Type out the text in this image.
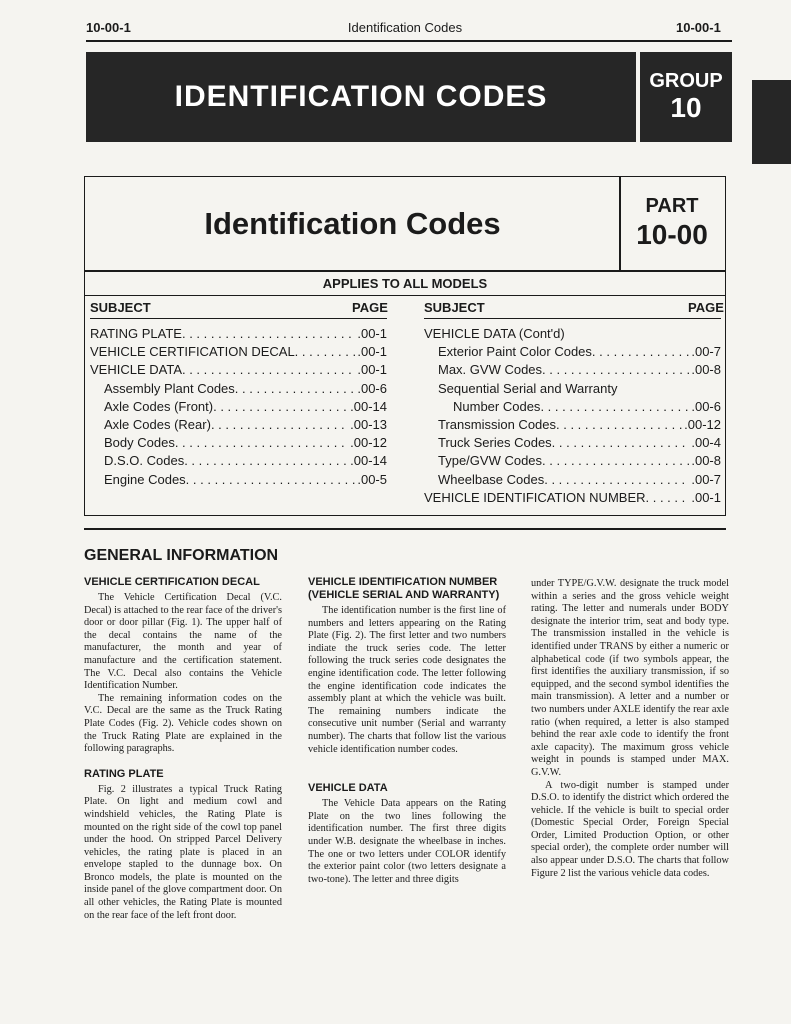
10-00-1	Identification Codes	10-00-1
IDENTIFICATION CODES	GROUP
10
Identification Codes	PART
10-00
APPLIES TO ALL MODELS
SUBJECT	PAGE	SUBJECT	PAGE
RATING PLATE . . .	.00-1
VEHICLE CERTIFICATION DECAL . . .	.00-1
VEHICLE DATA . . .	.00-1
Assembly Plant Codes . . .	.00-6
Axle Codes (Front) . . .	.00-14
Axle Codes (Rear) . . .	.00-13
Body Codes . . .	.00-12
D.S.O. Codes . . .	.00-14
Engine Codes . . .	.00-5
VEHICLE DATA (Cont'd)
Exterior Paint Color Codes . . .	.00-7
Max. GVW Codes . . .	.00-8
Sequential Serial and Warranty
Number Codes . . .	.00-6
Transmission Codes . . .	.00-12
Truck Series Codes . . .	.00-4
Type/GVW Codes . . .	.00-8
Wheelbase Codes . . .	.00-7
VEHICLE IDENTIFICATION NUMBER . . .	.00-1
GENERAL INFORMATION
VEHICLE CERTIFICATION DECAL

The Vehicle Certification Decal (V.C. Decal) is attached to the rear face of the driver's door or door pillar (Fig. 1). The upper half of the decal contains the name of the manufacturer, the month and year of manufacture and the certification statement. The V.C. Decal also contains the Vehicle Identification Number.

The remaining information codes on the V.C. Decal are the same as the Truck Rating Plate Codes (Fig. 2). Vehicle codes shown on the Truck Rating Plate are explained in the following paragraphs.

RATING PLATE

Fig. 2 illustrates a typical Truck Rating Plate. On light and medium cowl and windshield vehicles, the Rating Plate is mounted on the right side of the cowl top panel under the hood. On stripped Parcel Delivery vehicles, the rating plate is placed in an envelope stapled to the dunnage box. On Bronco models, the plate is mounted on the inside panel of the glove compartment door. On all other vehicles, the Rating Plate is mounted on the rear face of the left front door.

VEHICLE IDENTIFICATION NUMBER (VEHICLE SERIAL AND WARRANTY)

The identification number is the first line of numbers and letters appearing on the Rating Plate (Fig. 2). The first letter and two numbers indiate the truck series code. The letter following the truck series code designates the engine identification code. The letter following the engine identification code indicates the assembly plant at which the vehicle was built. The remaining numbers indicate the consecutive unit number (Serial and warranty number). The charts that follow list the various vehicle identification number codes.

VEHICLE DATA

The Vehicle Data appears on the Rating Plate on the two lines following the identification number. The first three digits under W.B. designate the wheelbase in inches. The one or two letters under COLOR identify the exterior paint color (two letters designate a two-tone). The letter and three digits

under TYPE/G.V.W. designate the truck model within a series and the gross vehicle weight rating. The letter and numerals under BODY designate the interior trim, seat and body type. The transmission installed in the vehicle is identified under TRANS by either a numeric or alphabetical code (if two symbols appear, the first identifies the auxiliary transmission, if so equipped, and the second symbol identifies the main transmission). A letter and a number or two numbers under AXLE identify the rear axle ratio (when required, a letter is also stamped behind the rear axle code to identify the front axle capacity). The maximum gross vehicle weight in pounds is stamped under MAX. G.V.W.

A two-digit number is stamped under D.S.O. to identify the district which ordered the vehicle. If the vehicle is built to special order (Domestic Special Order, Foreign Special Order, Limited Production Option, or other special order), the complete order number will also appear under D.S.O. The charts that follow Figure 2 list the various vehicle data codes.
